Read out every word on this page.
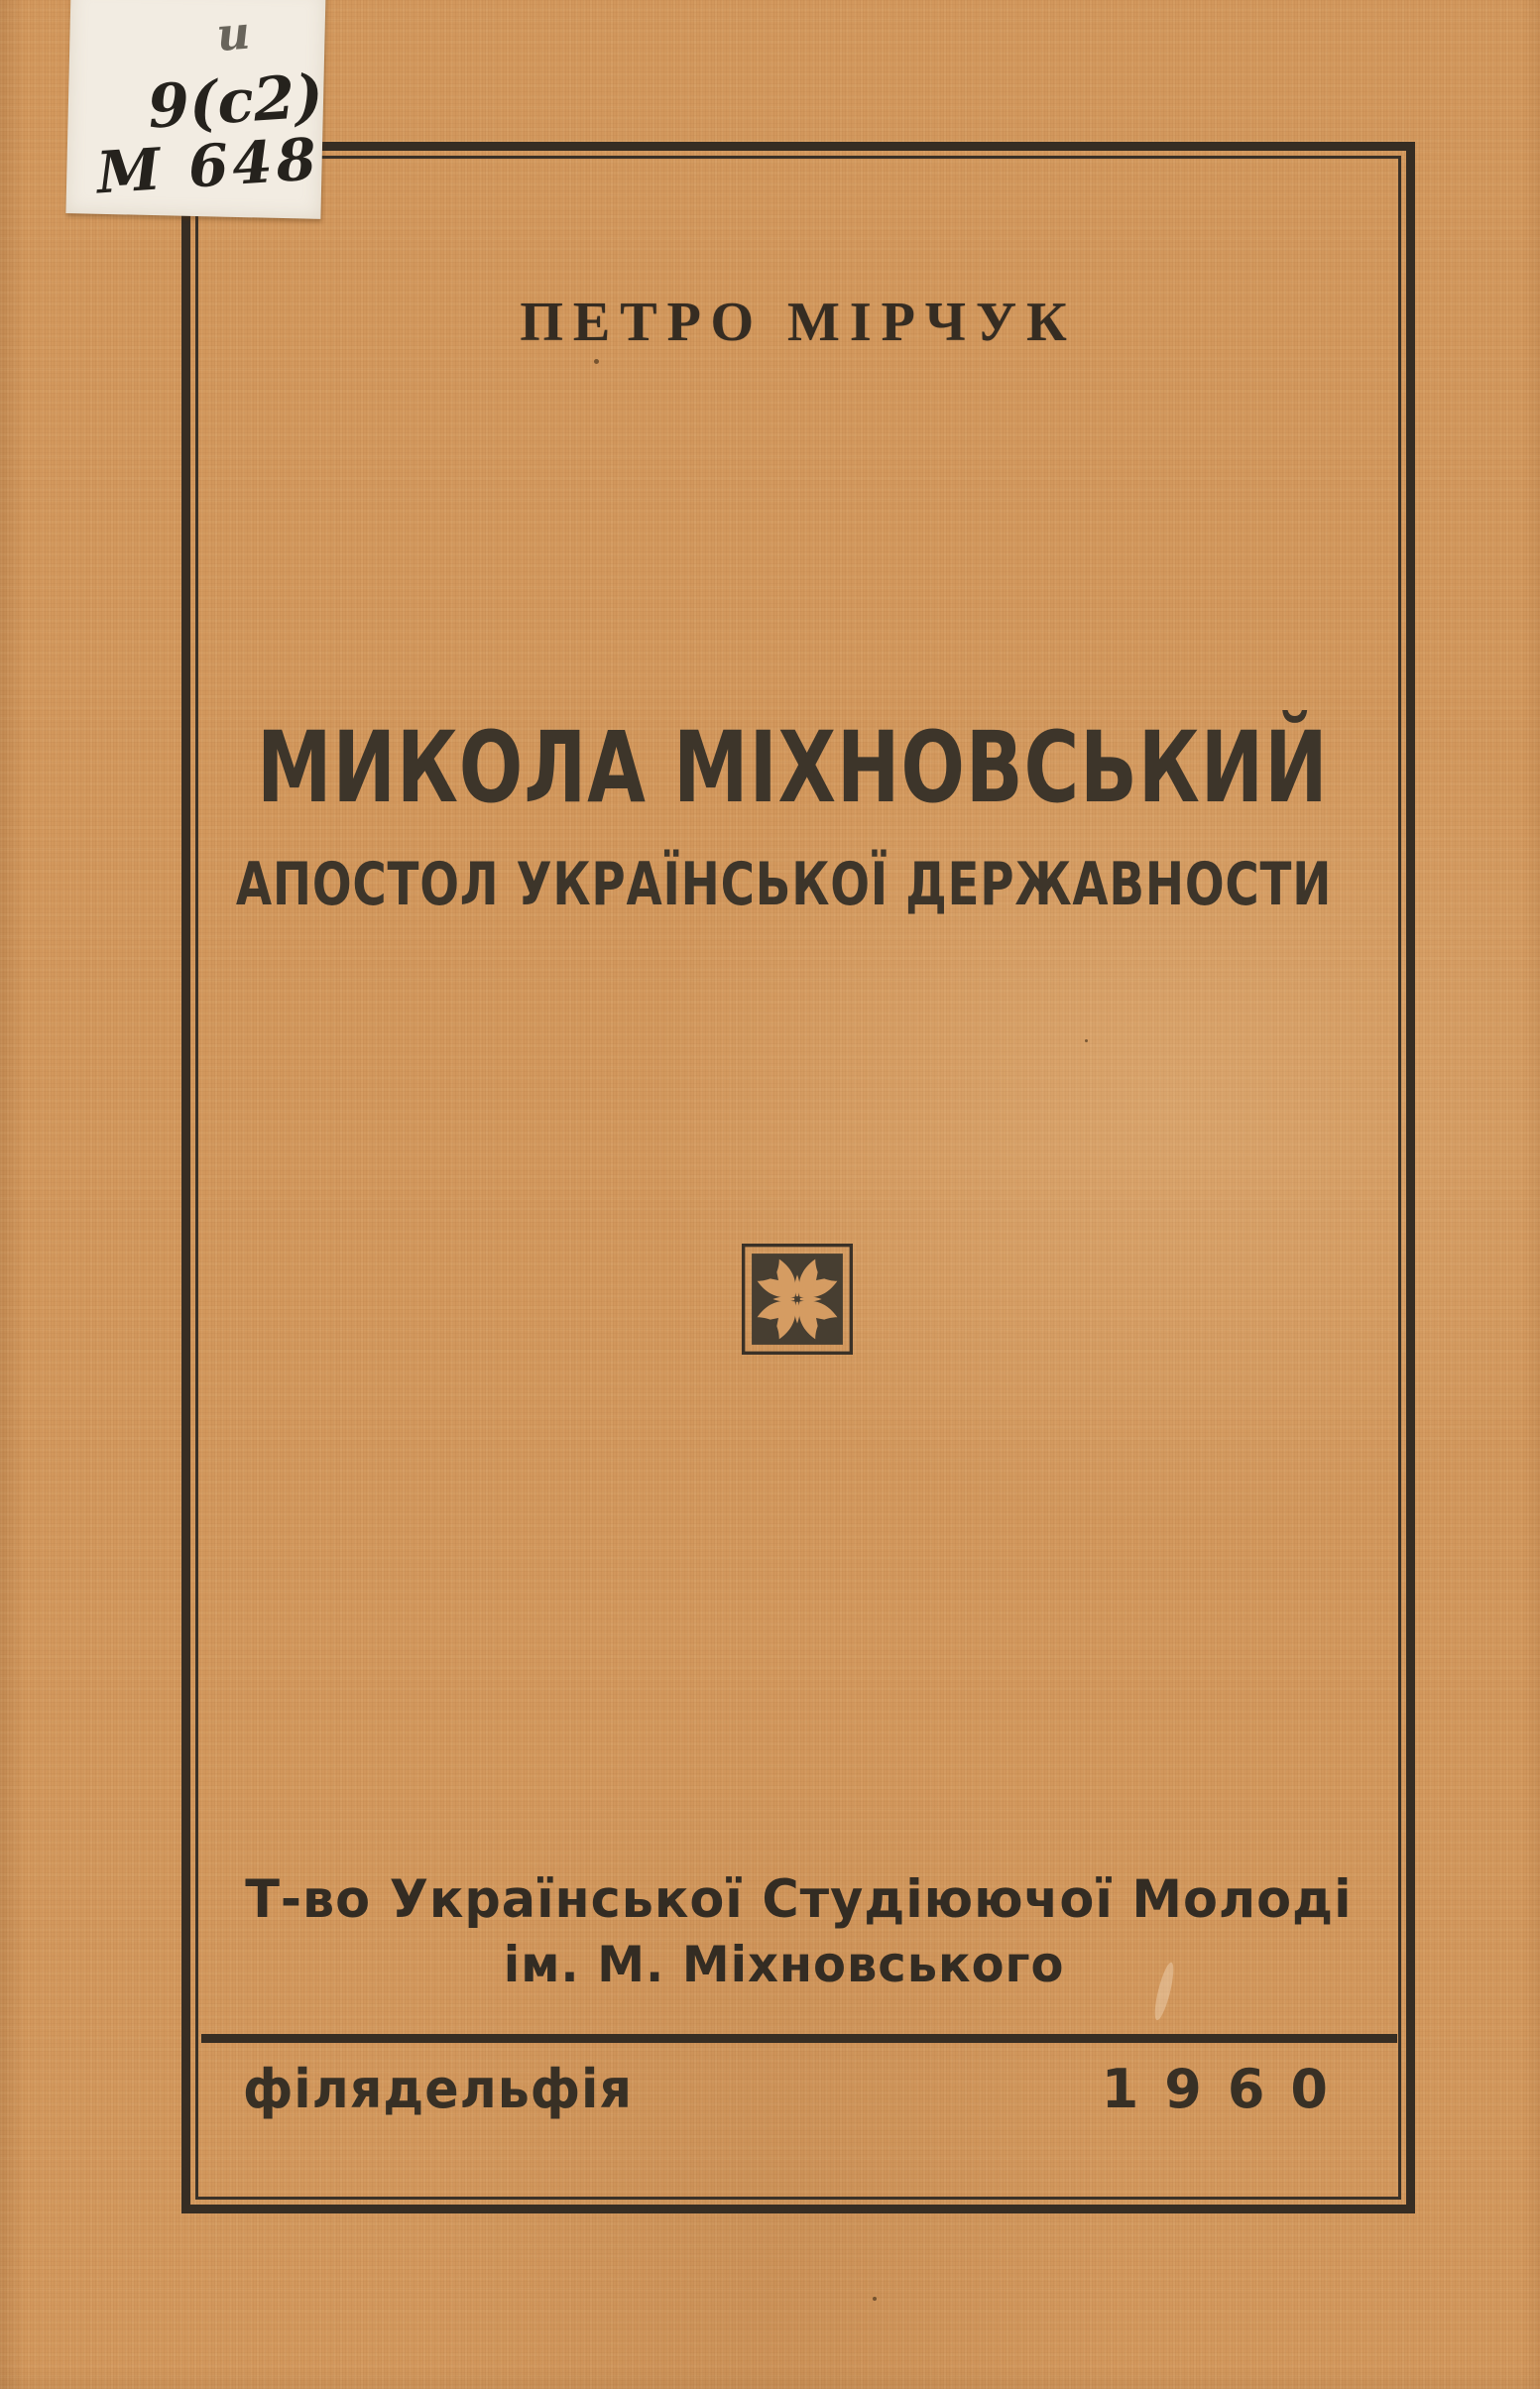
ПЕТРО МІРЧУК
МИКОЛА МІХНОВСЬКИЙ
АПОСТОЛ УКРАЇНСЬКОЇ ДЕРЖАВНОСТИ
Т-во Української Студіюючої Молоді
ім. М. Міхновського
філядельфія	1960
и
9(с2)
М 648
